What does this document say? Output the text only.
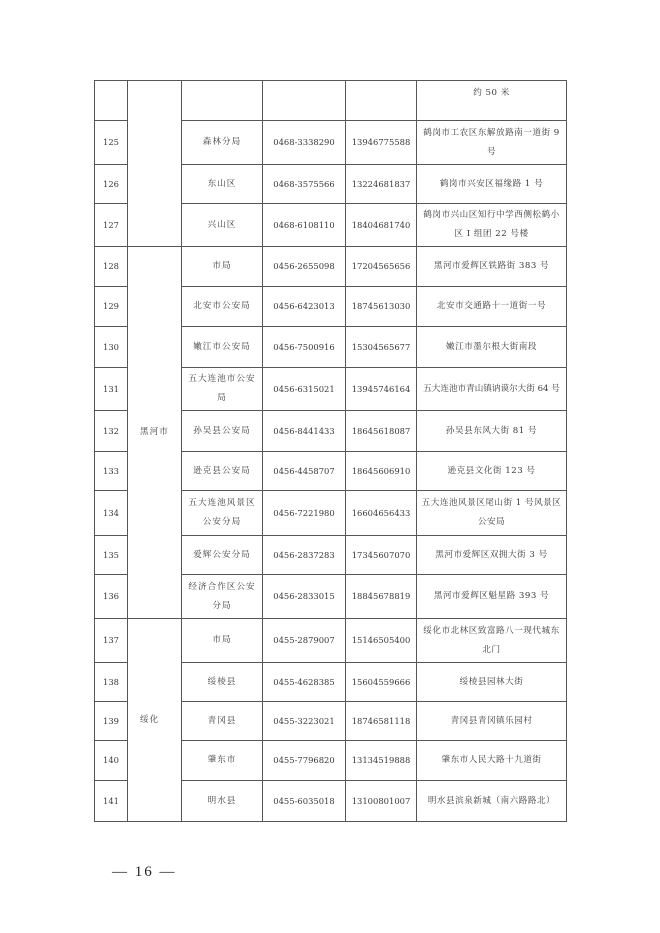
					约 50 米
125		森林分局	0468-3338290	13946775588	鹤岗市工农区东解放路南一道街 9 号
126		东山区	0468-3575566	13224681837	鹤岗市兴安区福缘路 1 号
127		兴山区	0468-6108110	18404681740	鹤岗市兴山区知行中学西侧松鹤小区 I 组团 22 号楼
128	黑河市	市局	0456-2655098	17204565656	黑河市爱辉区铁路街 383 号
129		北安市公安局	0456-6423013	18745613030	北安市交通路十一道街一号
130		嫩江市公安局	0456-7500916	15304565677	嫩江市墨尔根大街南段
131		五大连池市公安局	0456-6315021	13945746164	五大连池市青山镇讷谟尔大街 64 号
132		孙吴县公安局	0456-8441433	18645618087	孙吴县东风大街 81 号
133		逊克县公安局	0456-4458707	18645606910	逊克县文化街 123 号
134		五大连池风景区公安分局	0456-7221980	16604656433	五大连池风景区尾山街 1 号风景区公安局
135		爱辉公安分局	0456-2837283	17345607070	黑河市爱辉区双拥大街 3 号
136		经济合作区公安分局	0456-2833015	18845678819	黑河市爱辉区魁星路 393 号
137	绥化	市局	0455-2879007	15146505400	绥化市北林区致富路八一现代城东北门
138		绥棱县	0455-4628385	15604559666	绥棱县园林大街
139		青冈县	0455-3223021	18746581118	青冈县青冈镇乐园村
140		肇东市	0455-7796820	13134519888	肇东市人民大路十九道街
141		明水县	0455-6035018	13100801007	明水县滨泉新城（南六路路北）
— 16 —
